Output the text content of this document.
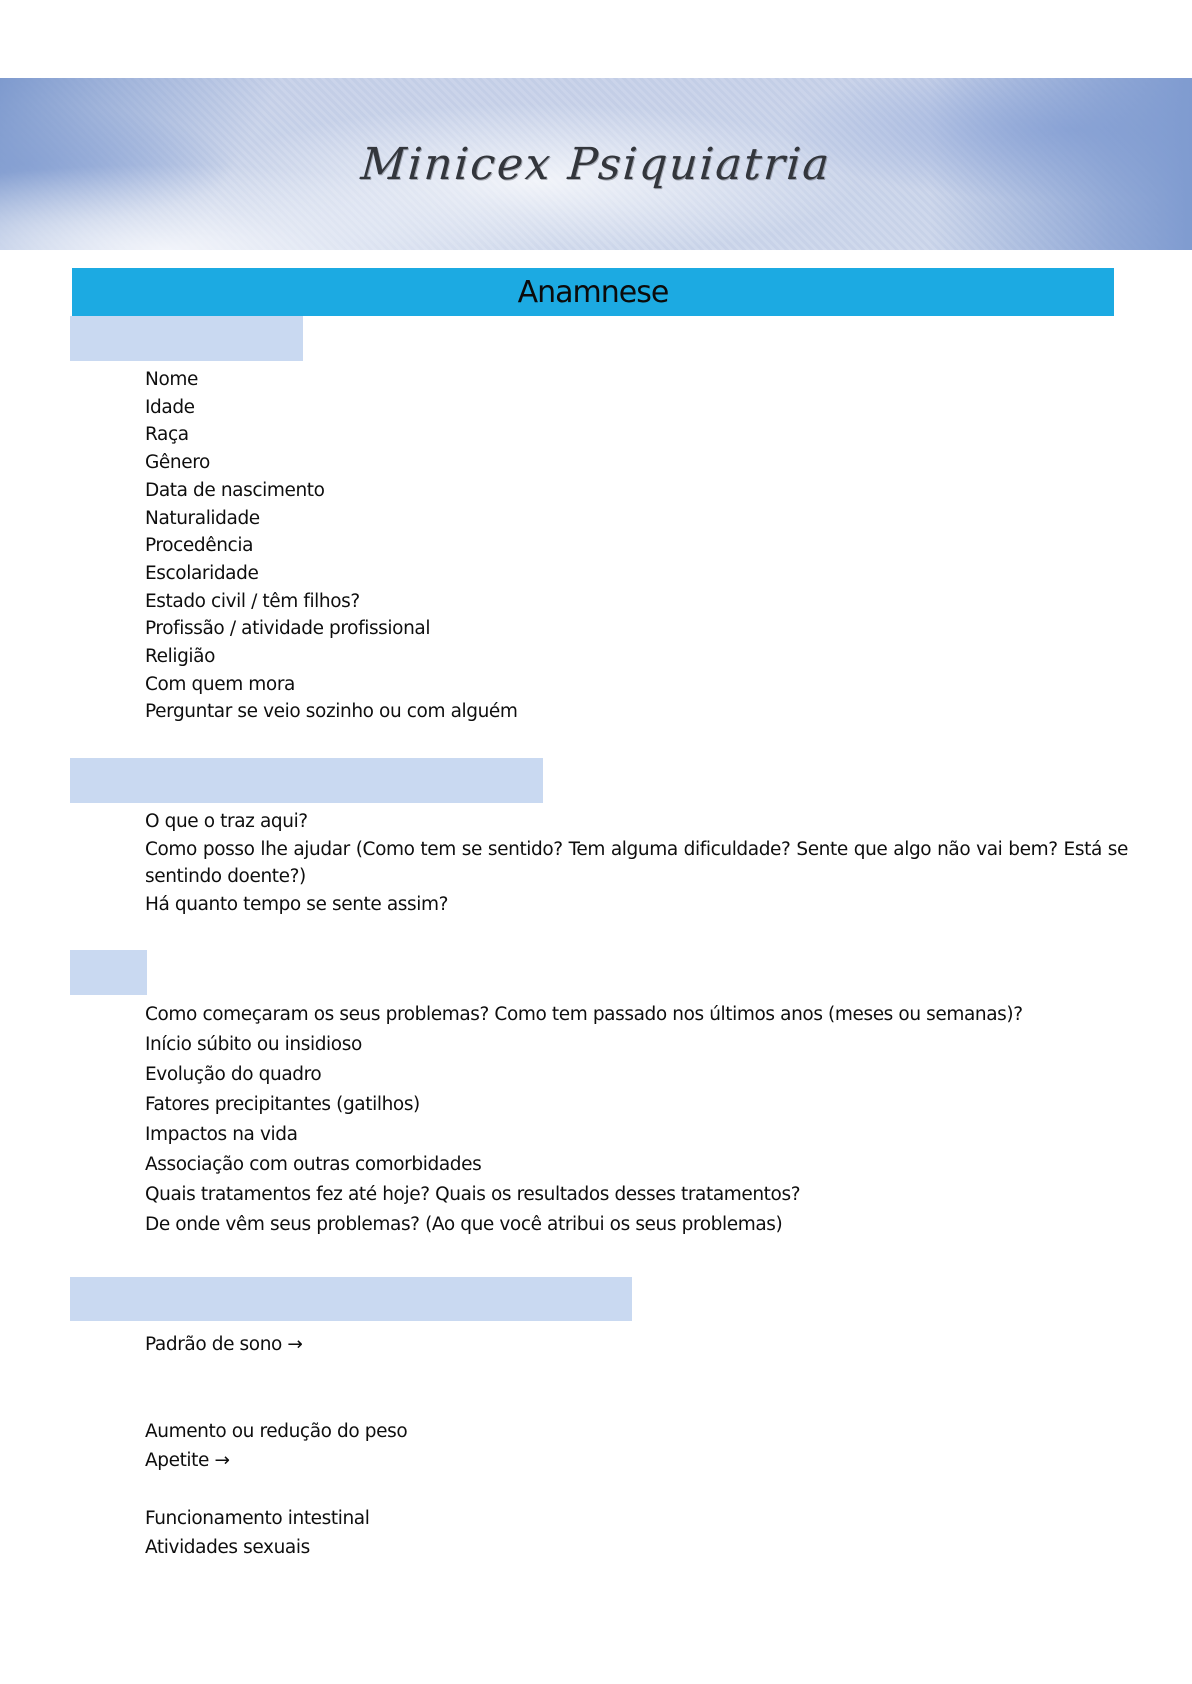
Minicex Psiquiatria
Anamnese
Nome
Idade
Raça
Gênero
Data de nascimento
Naturalidade
Procedência
Escolaridade
Estado civil / têm filhos?
Profissão / atividade profissional
Religião
Com quem mora
Perguntar se veio sozinho ou com alguém
O que o traz aqui?
Como posso lhe ajudar (Como tem se sentido? Tem alguma dificuldade? Sente que algo não vai bem? Está se sentindo doente?)
Há quanto tempo se sente assim?
Como começaram os seus problemas? Como tem passado nos últimos anos (meses ou semanas)?
Início súbito ou insidioso
Evolução do quadro
Fatores precipitantes (gatilhos)
Impactos na vida
Associação com outras comorbidades
Quais tratamentos fez até hoje? Quais os resultados desses tratamentos?
De onde vêm seus problemas? (Ao que você atribui os seus problemas)
Padrão de sono →

Aumento ou redução do peso
Apetite →

Funcionamento intestinal
Atividades sexuais
